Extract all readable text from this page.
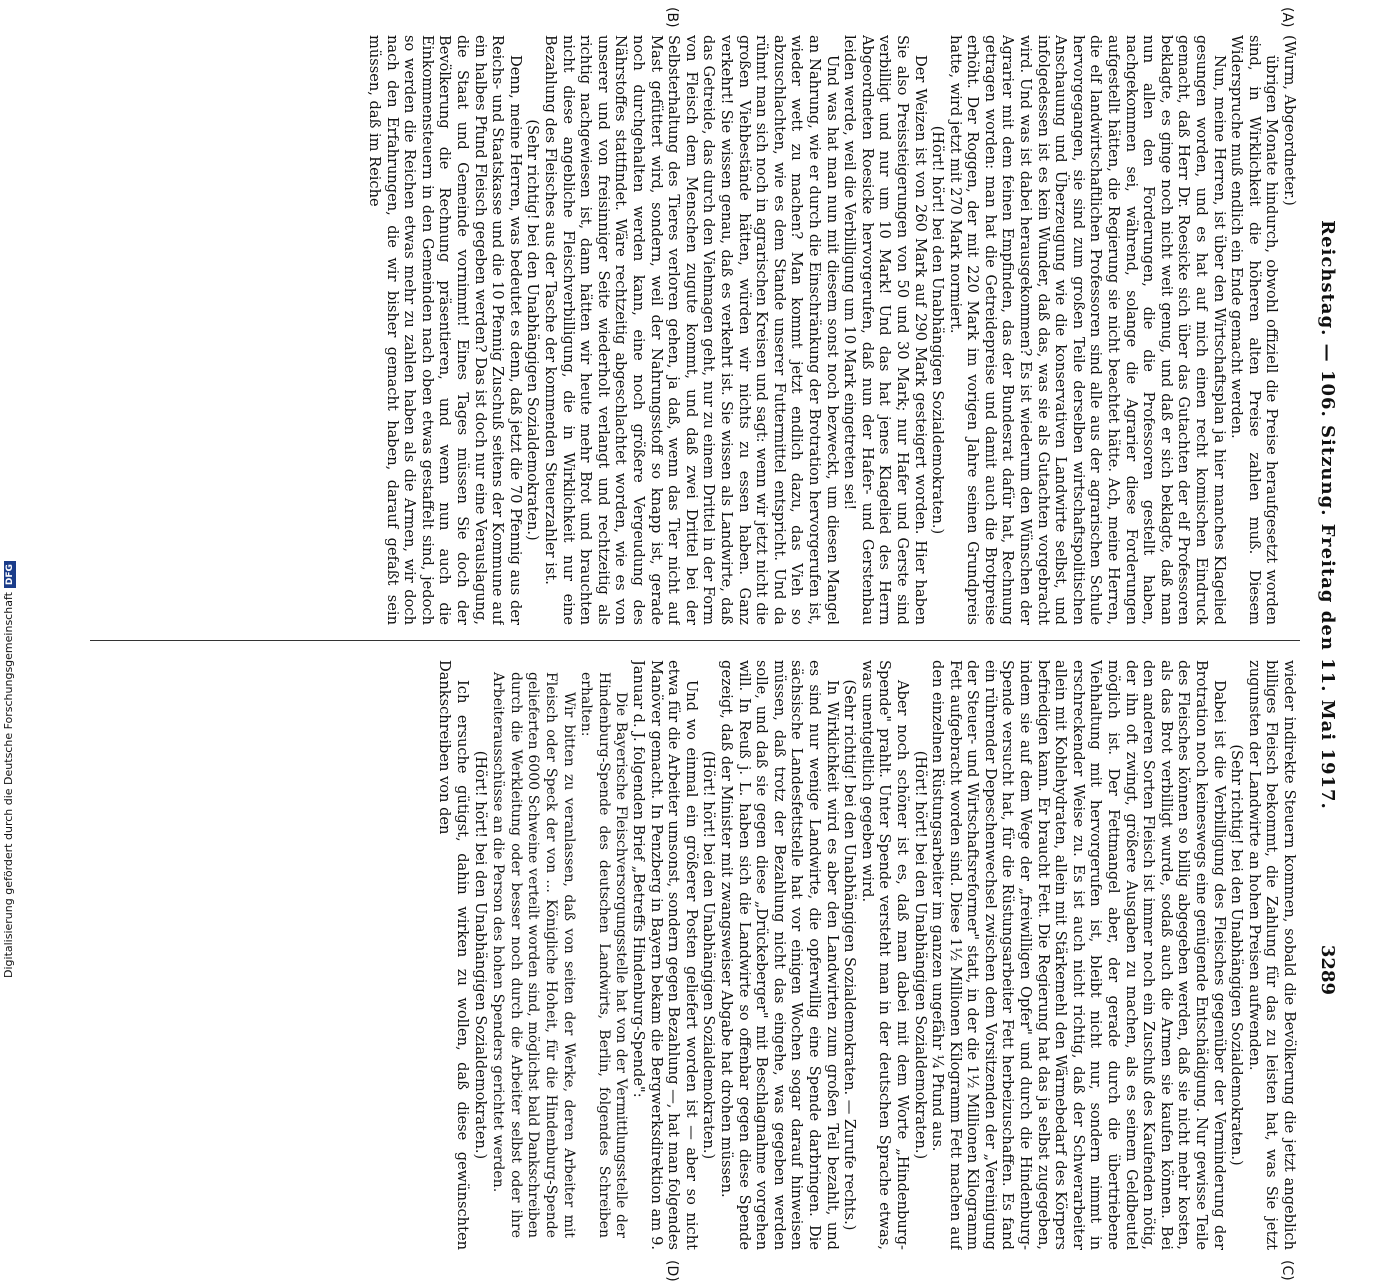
Reichstag. — 106. Sitzung. Freitag den 11. Mai 1917.
3289
(A)
(B)
(C)
(D)

(Wurm, Abgeordneter.)

übrigen Monate hindurch, obwohl offiziell die Preise heraufgesetzt worden sind, in Wirklichkeit die höheren alten Preise zahlen muß. Diesem Widerspruche muß endlich ein Ende gemacht werden.

Nun, meine Herren, ist über den Wirtschaftsplan ja hier manches Klagelied gesungen worden, und es hat auf mich einen recht komischen Eindruck gemacht, daß Herr Dr. Roesicke sich über das Gutachten der elf Professoren beklagte, es ginge noch nicht weit genug, und daß er sich beklagte, daß man nun allen den Forderungen, die die Professoren gestellt haben, nachgekommen sei, während, solange die Agrarier diese Forderungen aufgestellt hätten, die Regierung sie nicht beachtet hätte. Ach, meine Herren, die elf landwirtschaftlichen Professoren sind alle aus der agrarischen Schule hervorgegangen, sie sind zum großen Teile derselben wirtschaftspolitischen Anschauung und Überzeugung wie die konservativen Landwirte selbst, und infolgedessen ist es kein Wunder, daß das, was sie als Gutachten vorgebracht wird. Und was ist dabei herausgekommen? Es ist wiederum den Wünschen der Agrarier mit dem feinen Empfinden, das der Bundesrat dafür hat, Rechnung getragen worden: man hat die Getreidepreise und damit auch die Brotpreise erhöht. Der Roggen, der mit 220 Mark im vorigen Jahre seinen Grundpreis hatte, wird jetzt mit 270 Mark normiert.

(Hört! hört! bei den Unabhängigen Sozialdemokraten.)

Der Weizen ist von 260 Mark auf 290 Mark gesteigert worden. Hier haben Sie also Preissteigerungen von 50 und 30 Mark; nur Hafer und Gerste sind verbilligt und nur um 10 Mark! Und das hat jenes Klagelied des Herrn Abgeordneten Roesicke hervorgerufen, daß nun der Hafer- und Gerstenbau leiden werde, weil die Verbilligung um 10 Mark eingetreten sei!

Und was hat man nun mit diesem sonst noch bezweckt, um diesen Mangel an Nahrung, wie er durch die Einschränkung der Brotration hervorgerufen ist, wieder wett zu machen? Man kommt jetzt endlich dazu, das Vieh so abzuschlachten, wie es dem Stande unserer Futtermittel entspricht. Und da rühmt man sich noch in agrarischen Kreisen und sagt: wenn wir jetzt nicht die großen Viehbestände hätten, würden wir nichts zu essen haben. Ganz verkehrt! Sie wissen genau, daß es verkehrt ist. Sie wissen als Landwirte, daß das Getreide, das durch den Viehmagen geht, nur zu einem Drittel in der Form von Fleisch dem Menschen zugute kommt, und daß zwei Drittel bei der Selbsterhaltung des Tieres verloren gehen, ja daß, wenn das Tier nicht auf Mast gefüttert wird, sondern, weil der Nahrungsstoff so knapp ist, gerade noch durchgehalten werden kann, eine noch größere Vergeudung des Nährstoffes stattfindet. Wäre rechtzeitig abgeschlachtet worden, wie es von unserer und von freisinniger Seite wiederholt verlangt und rechtzeitig als richtig nachgewiesen ist, dann hätten wir heute mehr Brot und brauchten nicht diese angebliche Fleischverbilligung, die in Wirklichkeit nur eine Bezahlung des Fleisches aus der Tasche der kommenden Steuerzahler ist.

(Sehr richtig! bei den Unabhängigen Sozialdemokraten.)

Denn, meine Herren, was bedeutet es denn, daß jetzt die 70 Pfennig aus der Reichs- und Staatskasse und die 10 Pfennig Zuschuß seitens der Kommune auf ein halbes Pfund Fleisch gegeben werden? Das ist doch nur eine Verauslagung, die Staat und Gemeinde vornimmt! Eines Tages müssen Sie doch der Bevölkerung die Rechnung präsentieren, und wenn nun auch die Einkommensteuern in den Gemeinden nach oben etwas gestaffelt sind, jedoch so werden die Reichen etwas mehr zu zahlen haben als die Armen, wir doch nach den Erfahrungen, die wir bisher gemacht haben, darauf gefaßt sein müssen, daß im Reiche

wieder indirekte Steuern kommen, sobald die Bevölkerung die jetzt angeblich billiges Fleisch bekommt, die Zahlung für das zu leisten hat, was Sie jetzt zugunsten der Landwirte an hohen Preisen aufwenden.

(Sehr richtig! bei den Unabhängigen Sozialdemokraten.)

Dabei ist die Verbilligung des Fleisches gegenüber der Verminderung der Brotration noch keineswegs eine genügende Entschädigung. Nur gewisse Teile des Fleisches können so billig abgegeben werden, daß sie nicht mehr kosten, als das Brot verbilligt wurde, sodaß auch die Armen sie kaufen können. Bei den anderen Sorten Fleisch ist immer noch ein Zuschuß des Kaufenden nötig, der ihn oft zwingt, größere Ausgaben zu machen, als es seinem Geldbeutel möglich ist. Der Fettmangel aber, der gerade durch die übertriebene Viehhaltung mit hervorgerufen ist, bleibt nicht nur, sondern nimmt in erschreckender Weise zu. Es ist auch nicht richtig, daß der Schwerarbeiter allein mit Kohlehydraten, allein mit Stärkemehl den Wärmebedarf des Körpers befriedigen kann. Er braucht Fett. Die Regierung hat das ja selbst zugegeben, indem sie auf dem Wege der „freiwilligen Opfer" und durch die Hindenburg-Spende versucht hat, für die Rüstungsarbeiter Fett herbeizuschaffen. Es fand ein rührender Depeschenwechsel zwischen dem Vorsitzenden der „Vereinigung der Steuer- und Wirtschaftsreformer" statt, in der die 1½ Millionen Kilogramm Fett aufgebracht worden sind. Diese 1½ Millionen Kilogramm Fett machen auf den einzelnen Rüstungsarbeiter im ganzen ungefähr ¼ Pfund aus.

(Hört! hört! bei den Unabhängigen Sozialdemokraten.)

Aber noch schöner ist es, daß man dabei mit dem Worte „Hindenburg-Spende" prahlt. Unter Spende versteht man in der deutschen Sprache etwas, was unentgeltlich gegeben wird.

(Sehr richtig! bei den Unabhängigen Sozialdemokraten. — Zurufe rechts.)

In Wirklichkeit wird es aber den Landwirten zum großen Teil bezahlt, und es sind nur wenige Landwirte, die opferwillig eine Spende darbringen. Die sächsische Landesfettstelle hat vor einigen Wochen sogar darauf hinweisen müssen, daß trotz der Bezahlung nicht das eingehe, was gegeben werden solle, und daß sie gegen diese „Drückeberger" mit Beschlagnahme vorgehen will. In Reuß j. L. haben sich die Landwirte so offenbar gegen diese Spende gezeigt, daß der Minister mit zwangsweiser Abgabe hat drohen müssen.

(Hört! hört! bei den Unabhängigen Sozialdemokraten.)

Und wo einmal ein größerer Posten geliefert worden ist — aber so nicht etwa für die Arbeiter umsonst, sondern gegen Bezahlung —, hat man folgendes Manöver gemacht. In Penzberg in Bayern bekam die Bergwerksdirektion am 9. Januar d. J. folgenden Brief „Betreffs Hindenburg-Spende":

Die Bayerische Fleischversorgungsstelle hat von der Vermittlungsstelle der Hindenburg-Spende des deutschen Landwirts, Berlin, folgendes Schreiben erhalten:

Wir bitten zu veranlassen, daß von seiten der Werke, deren Arbeiter mit Fleisch oder Speck der von ... Königliche Hoheit, für die Hindenburg-Spende gelieferten 6000 Schweine verteilt worden sind, möglichst bald Dankschreiben durch die Werkleitung oder besser noch durch die Arbeiter selbst oder ihre Arbeiterausschüsse an die Person des hohen Spenders gerichtet werden.

(Hört! hört! bei den Unabhängigen Sozialdemokraten.)

Ich ersuche gütigst, dahin wirken zu wollen, daß diese gewünschten Dankschreiben von den

Digitalisierung gefördert durch die Deutsche ForschungsgemeinschaftDFG
